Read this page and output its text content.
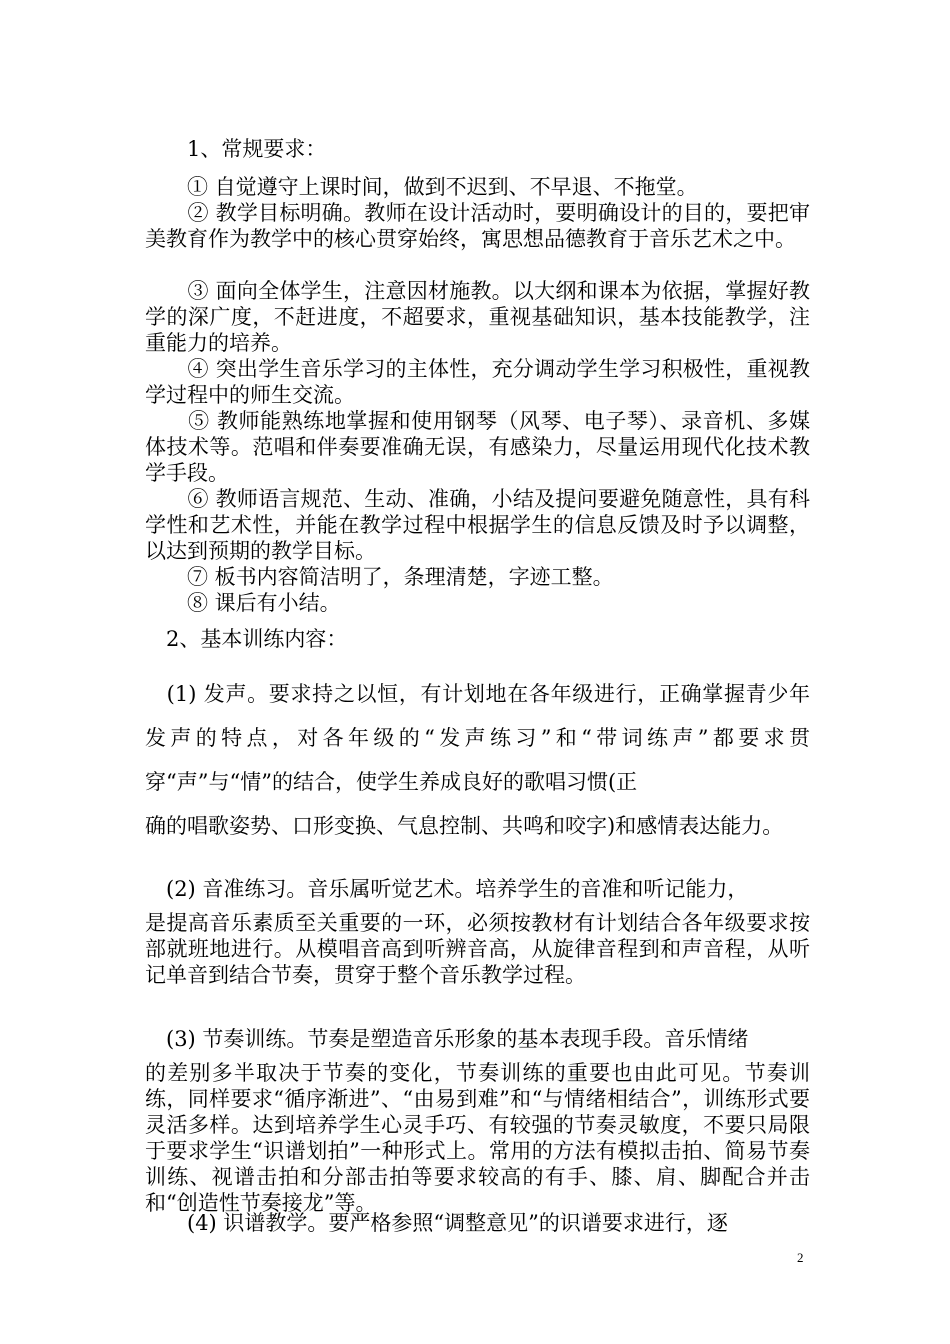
　　1、常规要求：

　　① 自觉遵守上课时间，做到不迟到、不早退、不拖堂。

　　② 教学目标明确。教师在设计活动时，要明确设计的目的，要把审美教育作为教学中的核心贯穿始终，寓思想品德教育于音乐艺术之中。

　　③ 面向全体学生，注意因材施教。以大纲和课本为依据，掌握好教学的深广度，不赶进度，不超要求，重视基础知识，基本技能教学，注重能力的培养。

　　④ 突出学生音乐学习的主体性，充分调动学生学习积极性，重视教学过程中的师生交流。

　　⑤ 教师能熟练地掌握和使用钢琴（风琴、电子琴）、录音机、多媒体技术等。范唱和伴奏要准确无误，有感染力，尽量运用现代化技术教学手段。

　　⑥ 教师语言规范、生动、准确，小结及提问要避免随意性，具有科学性和艺术性，并能在教学过程中根据学生的信息反馈及时予以调整，以达到预期的教学目标。

　　⑦ 板书内容简洁明了，条理清楚，字迹工整。

　　⑧ 课后有小结。

　2、基本训练内容：

　(1) 发声。要求持之以恒，有计划地在各年级进行，正确掌握青少年发声的特点，对各年级的“发声练习”和“带词练声”都要求贯穿“声”与“情”的结合，使学生养成良好的歌唱习惯(正

确的唱歌姿势、口形变换、气息控制、共鸣和咬字)和感情表达能力。

　(2) 音准练习。音乐属听觉艺术。培养学生的音准和听记能力，

是提高音乐素质至关重要的一环，必须按教材有计划结合各年级要求按部就班地进行。从模唱音高到听辨音高，从旋律音程到和声音程，从听记单音到结合节奏，贯穿于整个音乐教学过程。

　(3) 节奏训练。节奏是塑造音乐形象的基本表现手段。音乐情绪

的差别多半取决于节奏的变化，节奏训练的重要也由此可见。节奏训练，同样要求“循序渐进”、“由易到难”和“与情绪相结合”，训练形式要灵活多样。达到培养学生心灵手巧、有较强的节奏灵敏度，不要只局限于要求学生“识谱划拍”一种形式上。常用的方法有模拟击拍、简易节奏训练、视谱击拍和分部击拍等要求较高的有手、膝、肩、脚配合并击和“创造性节奏接龙”等。

　　(4) 识谱教学。要严格参照“调整意见”的识谱要求进行，逐

2
